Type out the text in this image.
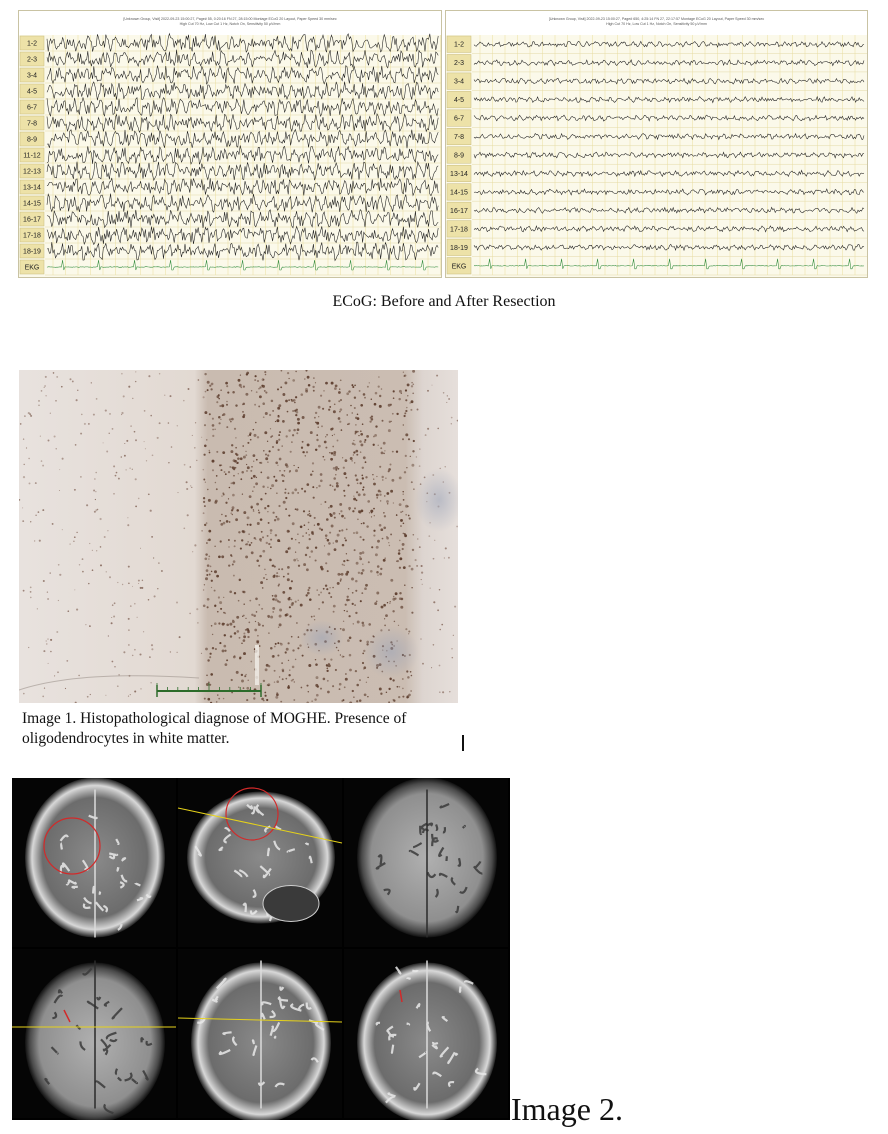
[Unknown Group, Visit] 2022-09-23 15:00:27, Page# 55, 0:20:16 FN 27, 28:15:00 Montage ECoG 20 Layout, Paper Speed 30 mm/sec
High Cut 70 Hz, Low Cut 1 Hz, Notch On, Sensitivity 50 μV/mm
1-2
2-3
3-4
4-5
6-7
7-8
8-9
11-12
12-13
13-14
14-15
16-17
17-18
18-19
EKG
[Unknown Group, Visit] 2022-09-23 15:00:27, Page# 650, 4:25:14 FN 27, 22:17:57 Montage ECoG 20 Layout, Paper Speed 30 mm/sec
High Cut 70 Hz, Low Cut 1 Hz, Notch On, Sensitivity 50 μV/mm
1-2
2-3
3-4
4-5
6-7
7-8
8-9
13-14
14-15
16-17
17-18
18-19
EKG
ECoG: Before and After Resection
Image 1. Histopathological diagnose of MOGHE. Presence of
oligodendrocytes in white matter.
Image 2.
